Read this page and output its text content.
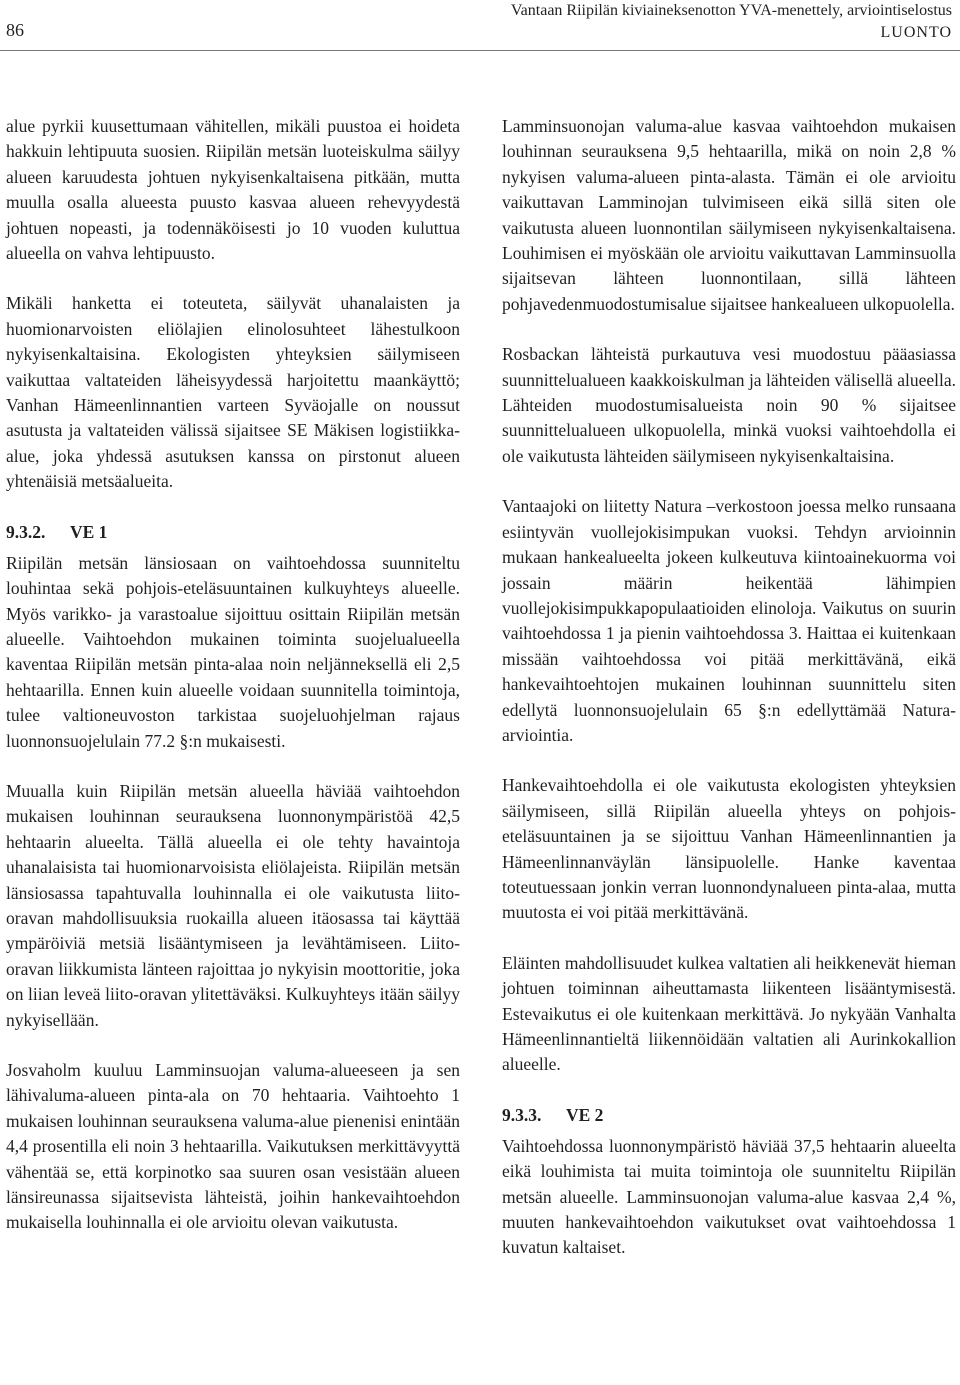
86
Vantaan Riipilän kiviaineksenotton YVA-menettely, arviointiselostus
LUONTO

alue pyrkii kuusettumaan vähitellen, mikäli puustoa ei hoideta hakkuin lehtipuuta suosien. Riipilän metsän luoteiskulma säilyy alueen karuudesta johtuen nykyisenkaltaisena pitkään, mutta muulla osalla alueesta puusto kasvaa alueen rehevyydestä johtuen nopeasti, ja todennäköisesti jo 10 vuoden kuluttua alueella on vahva lehtipuusto.

Mikäli hanketta ei toteuteta, säilyvät uhanalaisten ja huomionarvoisten eliölajien elinolosuhteet lähestulkoon nykyisenkaltaisina. Ekologisten yhteyksien säilymiseen vaikuttaa valtateiden läheisyydessä harjoitettu maankäyttö; Vanhan Hämeenlinnantien varteen Syväojalle on noussut asutusta ja valtateiden välissä sijaitsee SE Mäkisen logistiikka-alue, joka yhdessä asutuksen kanssa on pirstonut alueen yhtenäisiä metsäalueita.

9.3.2. VE 1

Riipilän metsän länsiosaan on vaihtoehdossa suunniteltu louhintaa sekä pohjois-eteläsuuntainen kulkuyhteys alueelle. Myös varikko- ja varastoalue sijoittuu osittain Riipilän metsän alueelle. Vaihtoehdon mukainen toiminta suojelualueella kaventaa Riipilän metsän pinta-alaa noin neljänneksellä eli 2,5 hehtaarilla. Ennen kuin alueelle voidaan suunnitella toimintoja, tulee valtioneuvoston tarkistaa suojeluohjelman rajaus luonnonsuojelulain 77.2 §:n mukaisesti.

Muualla kuin Riipilän metsän alueella häviää vaihtoehdon mukaisen louhinnan seurauksena luonnonympäristöä 42,5 hehtaarin alueelta. Tällä alueella ei ole tehty havaintoja uhanalaisista tai huomionarvoisista eliölajeista. Riipilän metsän länsiosassa tapahtuvalla louhinnalla ei ole vaikutusta liito-oravan mahdollisuuksia ruokailla alueen itäosassa tai käyttää ympäröiviä metsiä lisääntymiseen ja levähtämiseen. Liito-oravan liikkumista länteen rajoittaa jo nykyisin moottoritie, joka on liian leveä liito-oravan ylitettäväksi. Kulkuyhteys itään säilyy nykyisellään.

Josvaholm kuuluu Lamminsuojan valuma-alueeseen ja sen lähivaluma-alueen pinta-ala on 70 hehtaaria. Vaihtoehto 1 mukaisen louhinnan seurauksena valuma-alue pienenisi enintään 4,4 prosentilla eli noin 3 hehtaarilla. Vaikutuksen merkittävyyttä vähentää se, että korpinotko saa suuren osan vesistään alueen länsireunassa sijaitsevista lähteistä, joihin hankevaihtoehdon mukaisella louhinnalla ei ole arvioitu olevan vaikutusta.

Lamminsuonojan valuma-alue kasvaa vaihtoehdon mukaisen louhinnan seurauksena 9,5 hehtaarilla, mikä on noin 2,8 % nykyisen valuma-alueen pinta-alasta. Tämän ei ole arvioitu vaikuttavan Lamminojan tulvimiseen eikä sillä siten ole vaikutusta alueen luonnontilan säilymiseen nykyisenkaltaisena. Louhimisen ei myöskään ole arvioitu vaikuttavan Lamminsuolla sijaitsevan lähteen luonnontilaan, sillä lähteen pohjavedenmuodostumisalue sijaitsee hankealueen ulkopuolella.

Rosbackan lähteistä purkautuva vesi muodostuu pääasiassa suunnittelualueen kaakkoiskulman ja lähteiden välisellä alueella. Lähteiden muodostumisalueista noin 90 % sijaitsee suunnittelualueen ulkopuolella, minkä vuoksi vaihtoehdolla ei ole vaikutusta lähteiden säilymiseen nykyisenkaltaisina.

Vantaajoki on liitetty Natura –verkostoon joessa melko runsaana esiintyvän vuollejokisimpukan vuoksi. Tehdyn arvioinnin mukaan hankealueelta jokeen kulkeutuva kiintoainekuorma voi jossain määrin heikentää lähimpien vuollejokisimpukkapopulaatioiden elinoloja. Vaikutus on suurin vaihtoehdossa 1 ja pienin vaihtoehdossa 3. Haittaa ei kuitenkaan missään vaihtoehdossa voi pitää merkittävänä, eikä hankevaihtoehtojen mukainen louhinnan suunnittelu siten edellytä luonnonsuojelulain 65 §:n edellyttämää Natura-arviointia.

Hankevaihtoehdolla ei ole vaikutusta ekologisten yhteyksien säilymiseen, sillä Riipilän alueella yhteys on pohjois-eteläsuuntainen ja se sijoittuu Vanhan Hämeenlinnantien ja Hämeenlinnanväylän länsipuolelle. Hanke kaventaa toteutuessaan jonkin verran luonnondynalueen pinta-alaa, mutta muutosta ei voi pitää merkittävänä.

Eläinten mahdollisuudet kulkea valtatien ali heikkenevät hieman johtuen toiminnan aiheuttamasta liikenteen lisääntymisestä. Estevaikutus ei ole kuitenkaan merkittävä. Jo nykyään Vanhalta Hämeenlinnantieltä liikennöidään valtatien ali Aurinkokallion alueelle.

9.3.3. VE 2

Vaihtoehdossa luonnonympäristö häviää 37,5 hehtaarin alueelta eikä louhimista tai muita toimintoja ole suunniteltu Riipilän metsän alueelle. Lamminsuonojan valuma-alue kasvaa 2,4 %, muuten hankevaihtoehdon vaikutukset ovat vaihtoehdossa 1 kuvatun kaltaiset.
